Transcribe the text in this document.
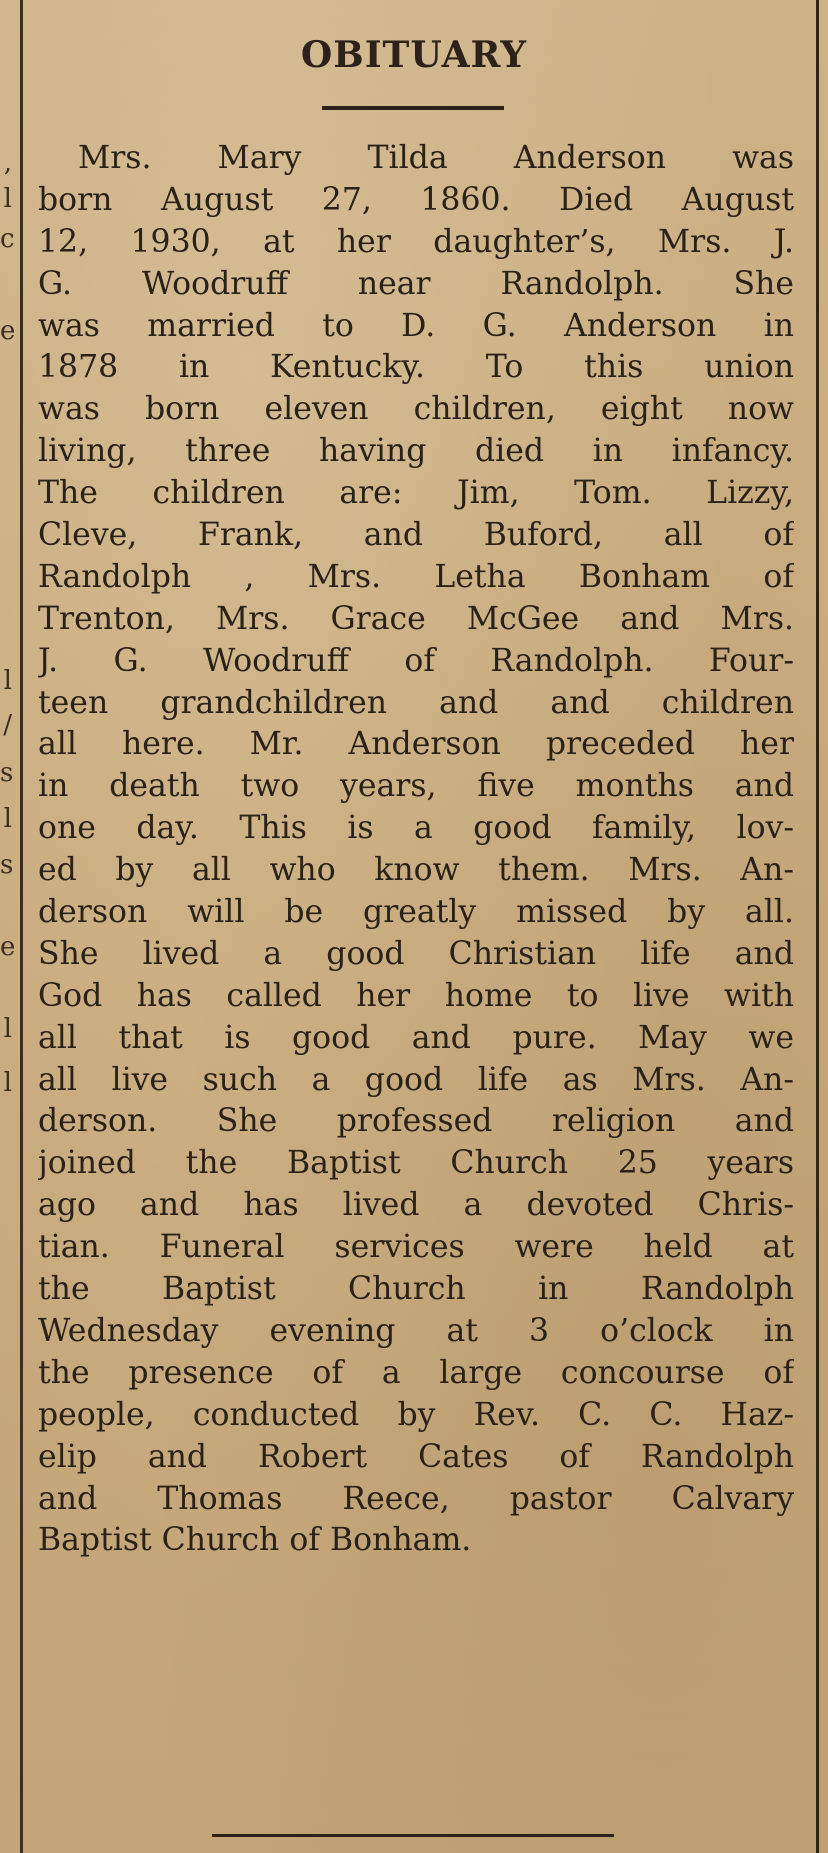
,
l
c
e
l
/
s
l
s
e
l
l
OBITUARY
Mrs. Mary Tilda Anderson was
born August 27, 1860. Died August
12, 1930, at her daughter’s, Mrs. J.
G. Woodruff near Randolph. She
was married to D. G. Anderson in
1878 in Kentucky. To this union
was born eleven children, eight now
living, three having died in infancy.
The children are: Jim, Tom. Lizzy,
Cleve, Frank, and Buford, all of
Randolph , Mrs. Letha Bonham of
Trenton, Mrs. Grace McGee and Mrs.
J. G. Woodruff of Randolph. Four-
teen grandchildren and and children
all here. Mr. Anderson preceded her
in death two years, five months and
one day. This is a good family, lov-
ed by all who know them. Mrs. An-
derson will be greatly missed by all.
She lived a good Christian life and
God has called her home to live with
all that is good and pure. May we
all live such a good life as Mrs. An-
derson. She professed religion and
joined the Baptist Church 25 years
ago and has lived a devoted Chris-
tian. Funeral services were held at
the Baptist Church in Randolph
Wednesday evening at 3 o’clock in
the presence of a large concourse of
people, conducted by Rev. C. C. Haz-
elip and Robert Cates of Randolph
and Thomas Reece, pastor Calvary
Baptist Church of Bonham.
